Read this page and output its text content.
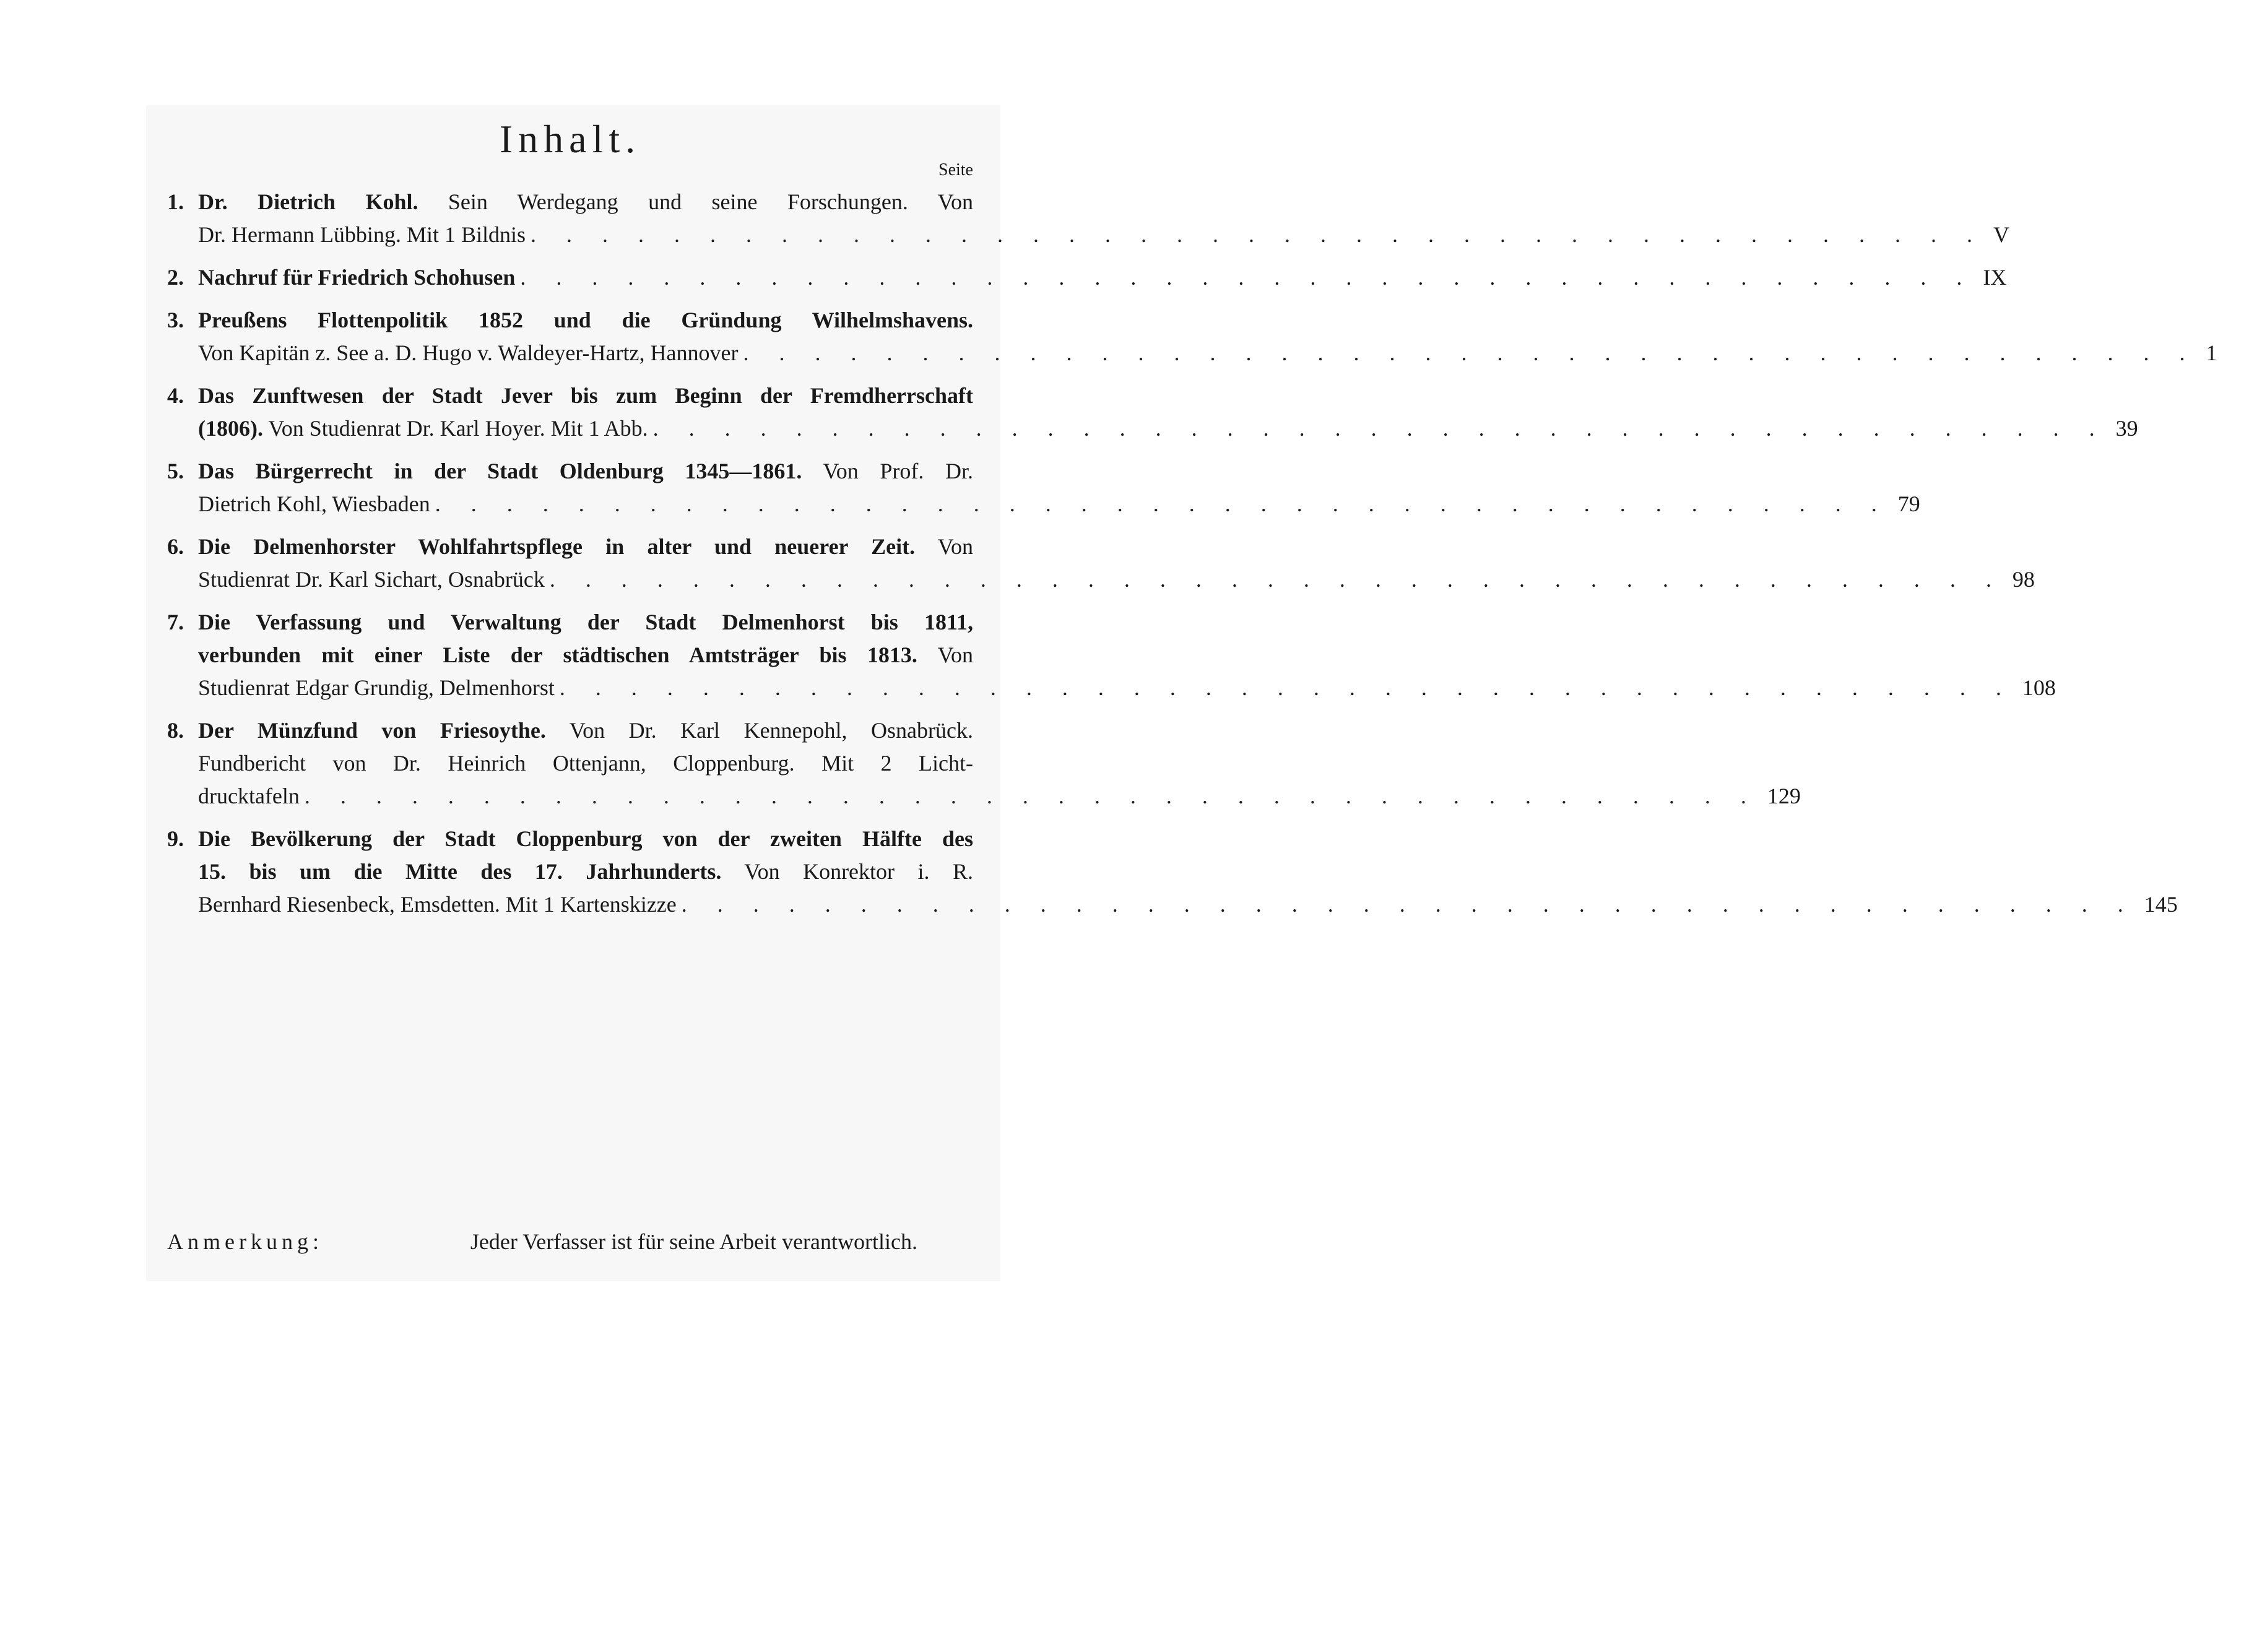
Inhalt.
Seite
1. Dr. Dietrich Kohl. Sein Werdegang und seine Forschungen. Von
Dr. Hermann Lübbing. Mit 1 Bildnis . . . . . . . . . . . . . . . . . . . . . . . . . . . . . . . . . . . . . . . . . V
2. Nachruf für Friedrich Schohusen . . . . . . . . . . . . . . . . . . . . . . . . . . . . . . . . . . . . . . . . . IX
3. Preußens Flottenpolitik 1852 und die Gründung Wilhelmshavens.
Von Kapitän z. See a. D. Hugo v. Waldeyer-Hartz, Hannover . . . . . . . . . . . . . . . . . . . . . . . . . . . . . . . . . . . . . . . . . 1
4. Das Zunftwesen der Stadt Jever bis zum Beginn der Fremdherrschaft
(1806). Von Studienrat Dr. Karl Hoyer. Mit 1 Abb. . . . . . . . . . . . . . . . . . . . . . . . . . . . . . . . . . . . . . . . . . 39
5. Das Bürgerrecht in der Stadt Oldenburg 1345—1861. Von Prof. Dr.
Dietrich Kohl, Wiesbaden . . . . . . . . . . . . . . . . . . . . . . . . . . . . . . . . . . . . . . . . . 79
6. Die Delmenhorster Wohlfahrtspflege in alter und neuerer Zeit. Von
Studienrat Dr. Karl Sichart, Osnabrück . . . . . . . . . . . . . . . . . . . . . . . . . . . . . . . . . . . . . . . . . 98
7. Die Verfassung und Verwaltung der Stadt Delmenhorst bis 1811,
verbunden mit einer Liste der städtischen Amtsträger bis 1813. Von
Studienrat Edgar Grundig, Delmenhorst . . . . . . . . . . . . . . . . . . . . . . . . . . . . . . . . . . . . . . . . . 108
8. Der Münzfund von Friesoythe. Von Dr. Karl Kennepohl, Osnabrück.
Fundbericht von Dr. Heinrich Ottenjann, Cloppenburg. Mit 2 Licht-
drucktafeln . . . . . . . . . . . . . . . . . . . . . . . . . . . . . . . . . . . . . . . . . 129
9. Die Bevölkerung der Stadt Cloppenburg von der zweiten Hälfte des
15. bis um die Mitte des 17. Jahrhunderts. Von Konrektor i. R.
Bernhard Riesenbeck, Emsdetten. Mit 1 Kartenskizze . . . . . . . . . . . . . . . . . . . . . . . . . . . . . . . . . . . . . . . . . 145
Anmerkung:	Jeder Verfasser ist für seine Arbeit verantwortlich.
